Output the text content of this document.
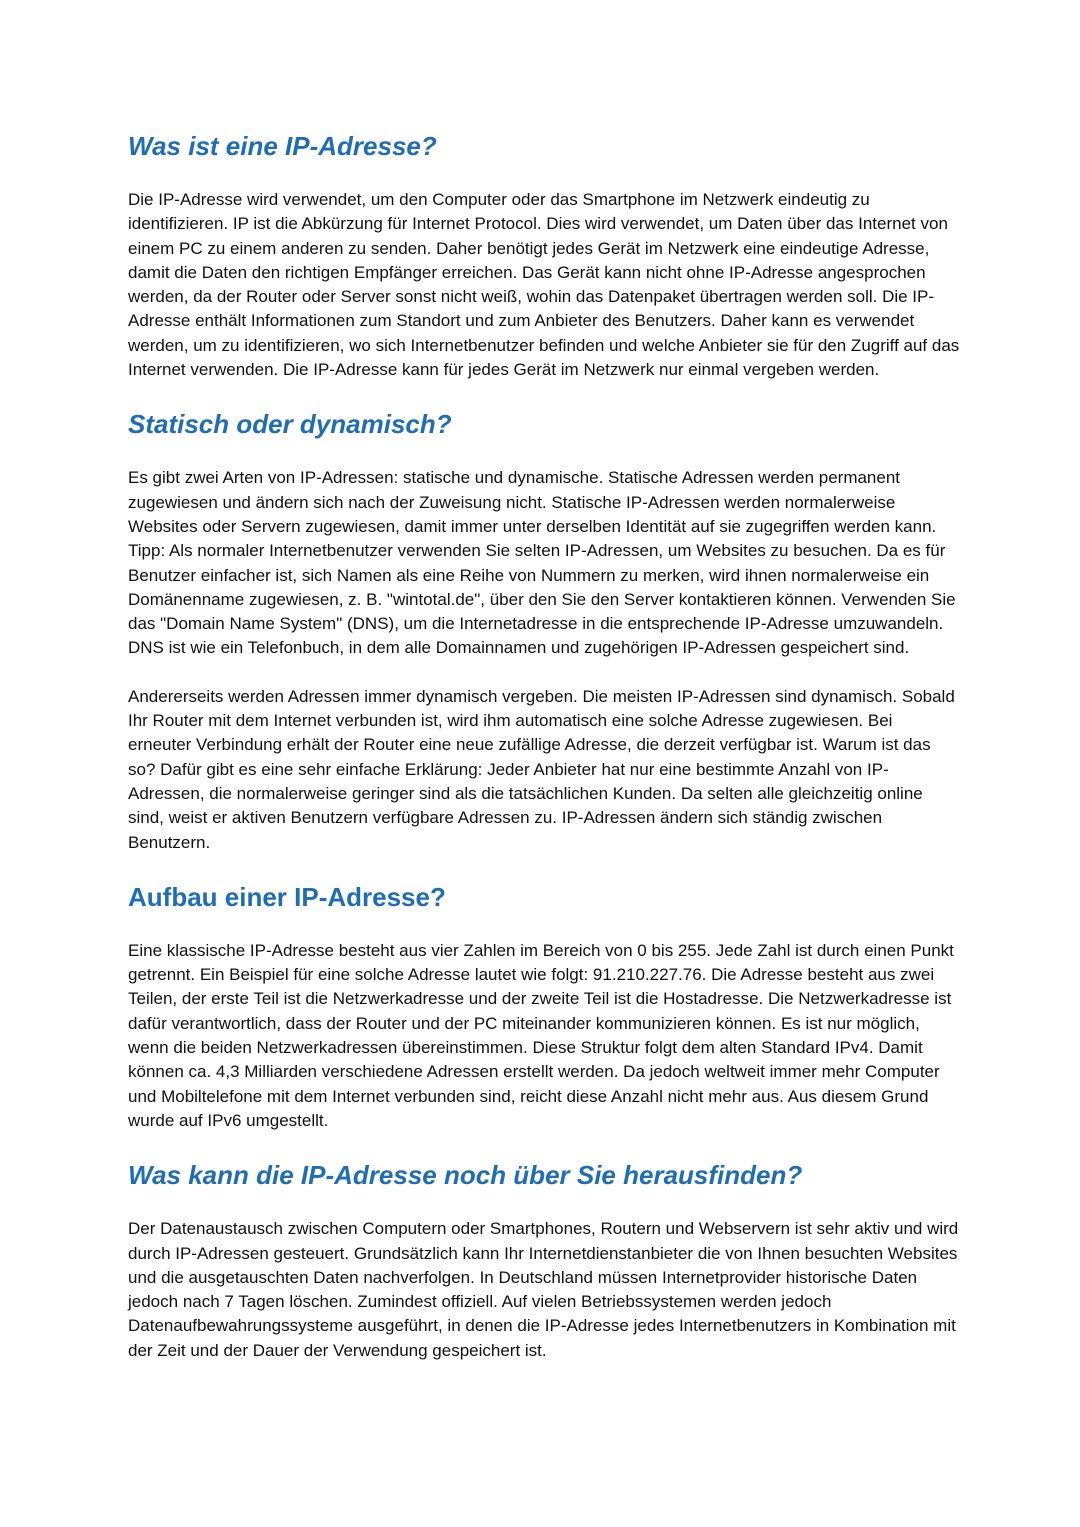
Was ist eine IP-Adresse?

Die IP-Adresse wird verwendet, um den Computer oder das Smartphone im Netzwerk eindeutig zu identifizieren. IP ist die Abkürzung für Internet Protocol. Dies wird verwendet, um Daten über das Internet von einem PC zu einem anderen zu senden. Daher benötigt jedes Gerät im Netzwerk eine eindeutige Adresse, damit die Daten den richtigen Empfänger erreichen. Das Gerät kann nicht ohne IP-Adresse angesprochen werden, da der Router oder Server sonst nicht weiß, wohin das Datenpaket übertragen werden soll. Die IP-Adresse enthält Informationen zum Standort und zum Anbieter des Benutzers. Daher kann es verwendet werden, um zu identifizieren, wo sich Internetbenutzer befinden und welche Anbieter sie für den Zugriff auf das Internet verwenden. Die IP-Adresse kann für jedes Gerät im Netzwerk nur einmal vergeben werden.

Statisch oder dynamisch?

Es gibt zwei Arten von IP-Adressen: statische und dynamische. Statische Adressen werden permanent zugewiesen und ändern sich nach der Zuweisung nicht. Statische IP-Adressen werden normalerweise Websites oder Servern zugewiesen, damit immer unter derselben Identität auf sie zugegriffen werden kann. Tipp: Als normaler Internetbenutzer verwenden Sie selten IP-Adressen, um Websites zu besuchen. Da es für Benutzer einfacher ist, sich Namen als eine Reihe von Nummern zu merken, wird ihnen normalerweise ein Domänenname zugewiesen, z. B. "wintotal.de", über den Sie den Server kontaktieren können. Verwenden Sie das "Domain Name System" (DNS), um die Internetadresse in die entsprechende IP-Adresse umzuwandeln. DNS ist wie ein Telefonbuch, in dem alle Domainnamen und zugehörigen IP-Adressen gespeichert sind.

Andererseits werden Adressen immer dynamisch vergeben. Die meisten IP-Adressen sind dynamisch. Sobald Ihr Router mit dem Internet verbunden ist, wird ihm automatisch eine solche Adresse zugewiesen. Bei erneuter Verbindung erhält der Router eine neue zufällige Adresse, die derzeit verfügbar ist. Warum ist das so? Dafür gibt es eine sehr einfache Erklärung: Jeder Anbieter hat nur eine bestimmte Anzahl von IP-Adressen, die normalerweise geringer sind als die tatsächlichen Kunden. Da selten alle gleichzeitig online sind, weist er aktiven Benutzern verfügbare Adressen zu. IP-Adressen ändern sich ständig zwischen Benutzern.

Aufbau einer IP-Adresse?

Eine klassische IP-Adresse besteht aus vier Zahlen im Bereich von 0 bis 255. Jede Zahl ist durch einen Punkt getrennt. Ein Beispiel für eine solche Adresse lautet wie folgt: 91.210.227.76. Die Adresse besteht aus zwei Teilen, der erste Teil ist die Netzwerkadresse und der zweite Teil ist die Hostadresse. Die Netzwerkadresse ist dafür verantwortlich, dass der Router und der PC miteinander kommunizieren können. Es ist nur möglich, wenn die beiden Netzwerkadressen übereinstimmen. Diese Struktur folgt dem alten Standard IPv4. Damit können ca. 4,3 Milliarden verschiedene Adressen erstellt werden. Da jedoch weltweit immer mehr Computer und Mobiltelefone mit dem Internet verbunden sind, reicht diese Anzahl nicht mehr aus. Aus diesem Grund wurde auf IPv6 umgestellt.

Was kann die IP-Adresse noch über Sie herausfinden?

Der Datenaustausch zwischen Computern oder Smartphones, Routern und Webservern ist sehr aktiv und wird durch IP-Adressen gesteuert. Grundsätzlich kann Ihr Internetdienstanbieter die von Ihnen besuchten Websites und die ausgetauschten Daten nachverfolgen. In Deutschland müssen Internetprovider historische Daten jedoch nach 7 Tagen löschen. Zumindest offiziell. Auf vielen Betriebssystemen werden jedoch Datenaufbewahrungssysteme ausgeführt, in denen die IP-Adresse jedes Internetbenutzers in Kombination mit der Zeit und der Dauer der Verwendung gespeichert ist.
